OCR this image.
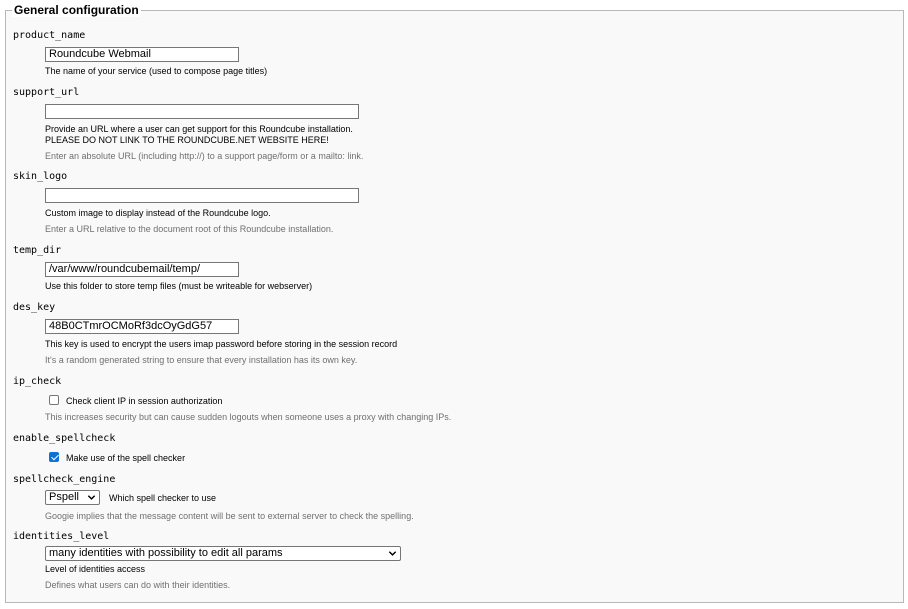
General configuration
product_name
Roundcube Webmail
The name of your service (used to compose page titles)
support_url
Provide an URL where a user can get support for this Roundcube installation.
PLEASE DO NOT LINK TO THE ROUNDCUBE.NET WEBSITE HERE!
Enter an absolute URL (including http://) to a support page/form or a mailto: link.
skin_logo
Custom image to display instead of the Roundcube logo.
Enter a URL relative to the document root of this Roundcube installation.
temp_dir
/var/www/roundcubemail/temp/
Use this folder to store temp files (must be writeable for webserver)
des_key
48B0CTmrOCMoRf3dcOyGdG57
This key is used to encrypt the users imap password before storing in the session record
It's a random generated string to ensure that every installation has its own key.
ip_check
Check client IP in session authorization
This increases security but can cause sudden logouts when someone uses a proxy with changing IPs.
enable_spellcheck
Make use of the spell checker
spellcheck_engine
Pspell	Which spell checker to use
Googie implies that the message content will be sent to external server to check the spelling.
identities_level
many identities with possibility to edit all params
Level of identities access
Defines what users can do with their identities.
